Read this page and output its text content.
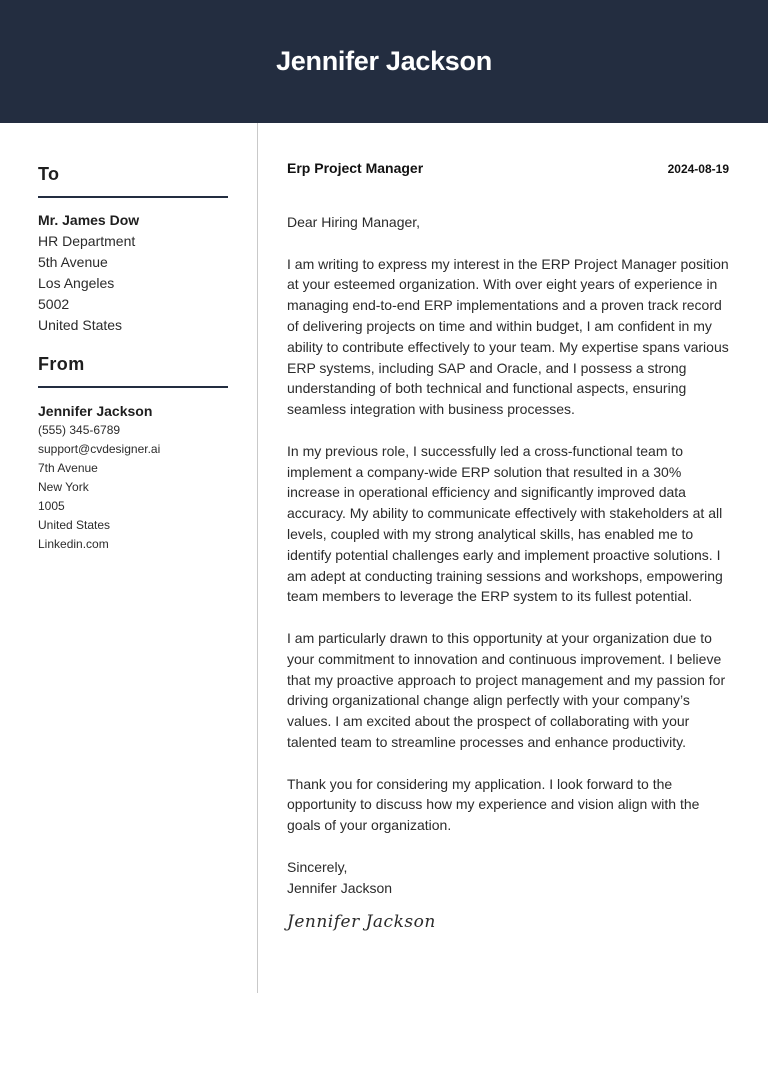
Jennifer Jackson
To
Mr. James Dow
HR Department
5th Avenue
Los Angeles
5002
United States
From
Jennifer Jackson
(555) 345-6789
support@cvdesigner.ai
7th Avenue
New York
1005
United States
Linkedin.com
Erp Project Manager	2024-08-19

Dear Hiring Manager,

I am writing to express my interest in the ERP Project Manager position at your esteemed organization. With over eight years of experience in managing end-to-end ERP implementations and a proven track record of delivering projects on time and within budget, I am confident in my ability to contribute effectively to your team. My expertise spans various ERP systems, including SAP and Oracle, and I possess a strong understanding of both technical and functional aspects, ensuring seamless integration with business processes.

In my previous role, I successfully led a cross-functional team to implement a company-wide ERP solution that resulted in a 30% increase in operational efficiency and significantly improved data accuracy. My ability to communicate effectively with stakeholders at all levels, coupled with my strong analytical skills, has enabled me to identify potential challenges early and implement proactive solutions. I am adept at conducting training sessions and workshops, empowering team members to leverage the ERP system to its fullest potential.

I am particularly drawn to this opportunity at your organization due to your commitment to innovation and continuous improvement. I believe that my proactive approach to project management and my passion for driving organizational change align perfectly with your company’s values. I am excited about the prospect of collaborating with your talented team to streamline processes and enhance productivity.

Thank you for considering my application. I look forward to the opportunity to discuss how my experience and vision align with the goals of your organization.

Sincerely,
Jennifer Jackson
Jennifer Jackson
